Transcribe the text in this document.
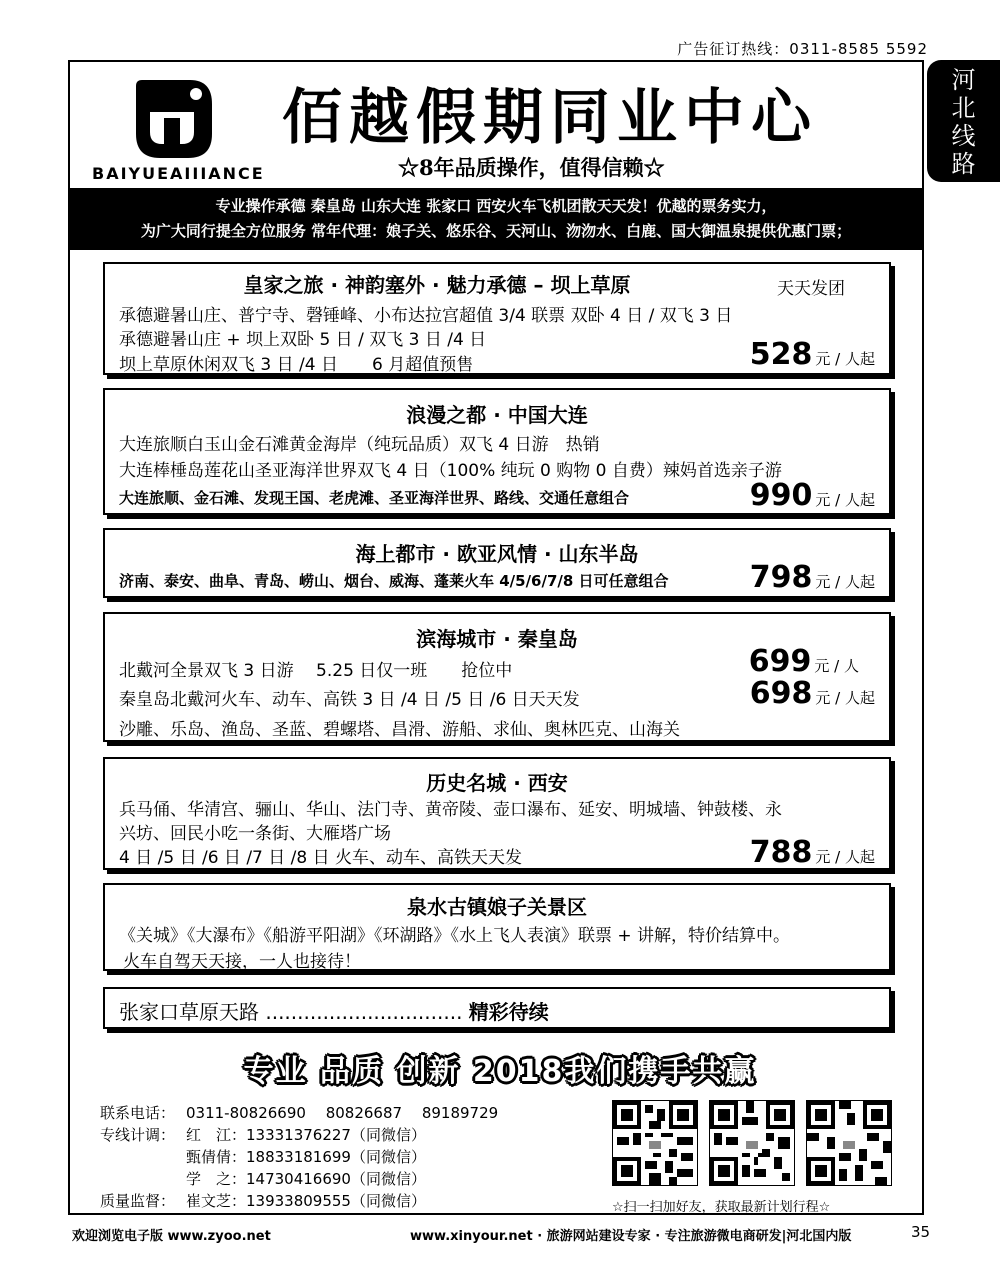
广告征订热线：0311-8585 5592
河
北
线
路
BAIYUEAIIIANCE
佰越假期同业中心
☆8年品质操作，值得信赖☆
专业操作承德 秦皇岛 山东大连 张家口 西安火车飞机团散天天发！优越的票务实力，
为广大同行提全方位服务 常年代理：娘子关、悠乐谷、天河山、沕沕水、白鹿、国大御温泉提供优惠门票；
皇家之旅 · 神韵塞外 · 魅力承德 – 坝上草原	天天发团
承德避暑山庄、普宁寺、磬锤峰、小布达拉宫超值 3/4 联票 双卧 4 日 / 双飞 3 日
承德避暑山庄 + 坝上双卧 5 日 / 双飞 3 日 /4 日
坝上草原休闲双飞 3 日 /4 日　　6 月超值预售	528 元 / 人起
浪漫之都 · 中国大连
大连旅顺白玉山金石滩黄金海岸（纯玩品质）双飞 4 日游　热销
大连棒棰岛莲花山圣亚海洋世界双飞 4 日（100% 纯玩 0 购物 0 自费）辣妈首选亲子游
大连旅顺、金石滩、发现王国、老虎滩、圣亚海洋世界、路线、交通任意组合	990 元 / 人起
海上都市 · 欧亚风情 · 山东半岛
济南、泰安、曲阜、青岛、崂山、烟台、威海、蓬莱火车 4/5/6/7/8 日可任意组合	798 元 / 人起
滨海城市 · 秦皇岛
北戴河全景双飞 3 日游　 5.25 日仅一班　　抢位中
秦皇岛北戴河火车、动车、高铁 3 日 /4 日 /5 日 /6 日天天发
沙雕、乐岛、渔岛、圣蓝、碧螺塔、昌滑、游船、求仙、奥林匹克、山海关
699 元 / 人
698 元 / 人起
历史名城 · 西安
兵马俑、华清宫、骊山、华山、法门寺、黄帝陵、壶口瀑布、延安、明城墙、钟鼓楼、永
兴坊、回民小吃一条街、大雁塔广场
4 日 /5 日 /6 日 /7 日 /8 日 火车、动车、高铁天天发	788 元 / 人起
泉水古镇娘子关景区
《关城》《大瀑布》《船游平阳湖》《环湖路》《水上飞人表演》联票 + 讲解，特价结算中。
火车自驾天天接，一人也接待！
张家口草原天路 ............................... 精彩待续
专业 品质 创新 2018我们携手共赢
联系电话： 0311-80826690　 80826687　 89189729
专线计调： 红　江：13331376227（同微信）
甄倩倩：18833181699（同微信）
学　之：14730416690（同微信）
质量监督： 崔文芝：13933809555（同微信）	☆扫一扫加好友，获取最新计划行程☆
欢迎浏览电子版 www.zyoo.net	www.xinyour.net · 旅游网站建设专家 · 专注旅游微电商研发|河北国内版	35
